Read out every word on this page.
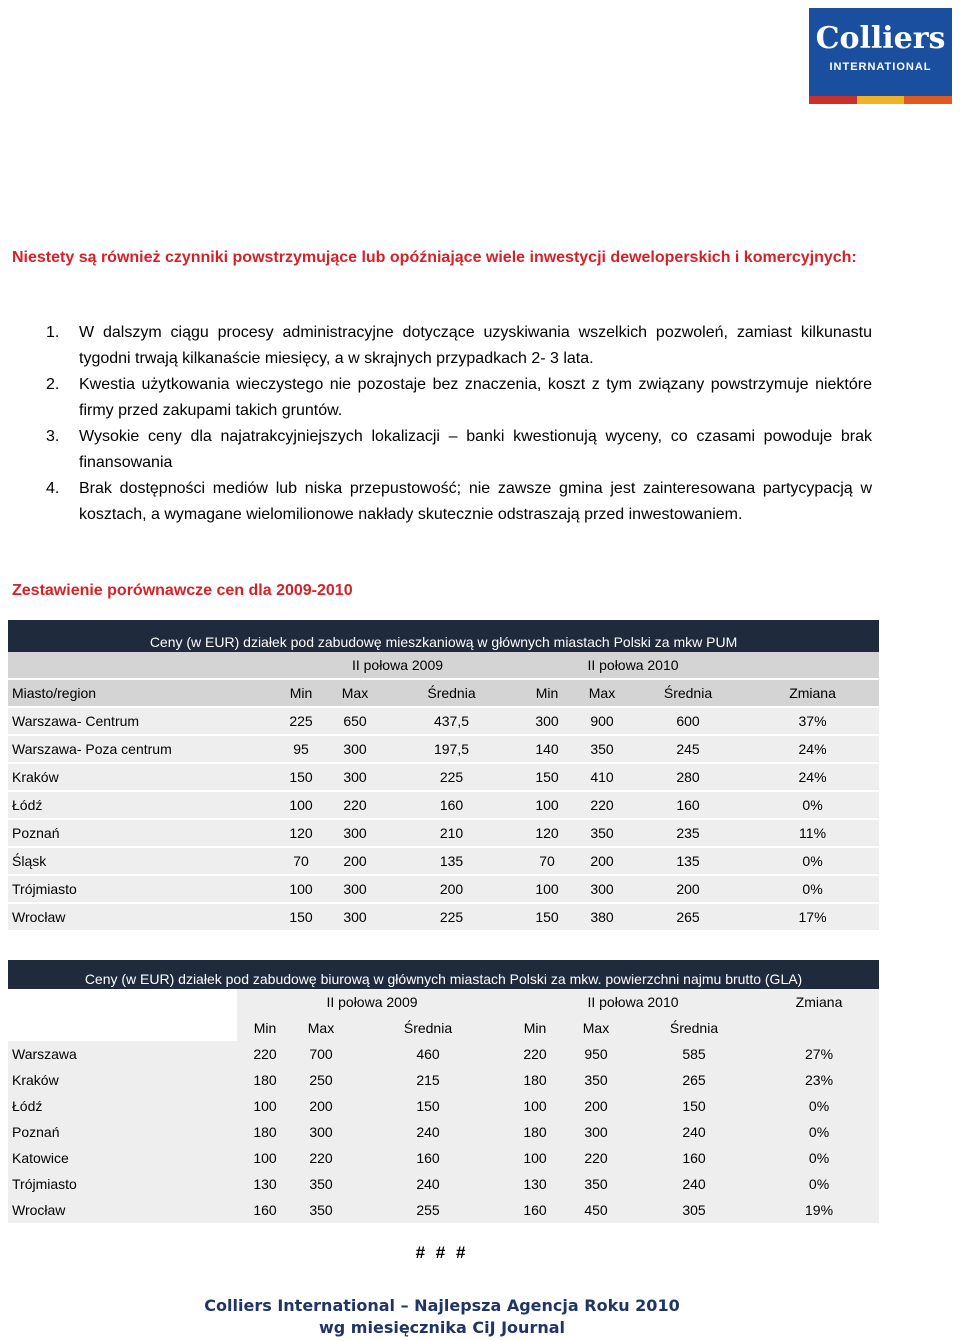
Colliers
INTERNATIONAL

Niestety są również czynniki powstrzymujące lub opóźniające wiele inwestycji deweloperskich i komercyjnych:

1. W dalszym ciągu procesy administracyjne dotyczące uzyskiwania wszelkich pozwoleń, zamiast kilkunastu tygodni trwają kilkanaście miesięcy, a w skrajnych przypadkach 2- 3 lata.
2. Kwestia użytkowania wieczystego nie pozostaje bez znaczenia, koszt z tym związany powstrzymuje niektóre firmy przed zakupami takich gruntów.
3. Wysokie ceny dla najatrakcyjniejszych lokalizacji – banki kwestionują wyceny, co czasami powoduje brak finansowania
4. Brak dostępności mediów lub niska przepustowość; nie zawsze gmina jest zainteresowana partycypacją w kosztach, a wymagane wielomilionowe nakłady skutecznie odstraszają przed inwestowaniem.

Zestawienie porównawcze cen dla 2009-2010

Ceny (w EUR) działek pod zabudowę mieszkaniową w głównych miastach Polski za mkw PUM							
	II połowa 2009			II połowa 2010			
Miasto/region	Min	Max	Średnia	Min	Max	Średnia	Zmiana
Warszawa- Centrum	225	650	437,5	300	900	600	37%
Warszawa- Poza centrum	95	300	197,5	140	350	245	24%
Kraków	150	300	225	150	410	280	24%
Łódź	100	220	160	100	220	160	0%
Poznań	120	300	210	120	350	235	11%
Śląsk	70	200	135	70	200	135	0%
Trójmiasto	100	300	200	100	300	200	0%
Wrocław	150	300	225	150	380	265	17%
Ceny (w EUR) działek pod zabudowę biurową w głównych miastach Polski za mkw. powierzchni najmu brutto (GLA)							
	II połowa 2009			II połowa 2010			Zmiana
	Min	Max	Średnia	Min	Max	Średnia	
Warszawa	220	700	460	220	950	585	27%
Kraków	180	250	215	180	350	265	23%
Łódź	100	200	150	100	200	150	0%
Poznań	180	300	240	180	300	240	0%
Katowice	100	220	160	100	220	160	0%
Trójmiasto	130	350	240	130	350	240	0%
Wrocław	160	350	255	160	450	305	19%
# # #
Colliers International – Najlepsza Agencja Roku 2010
wg miesięcznika CiJ Journal
